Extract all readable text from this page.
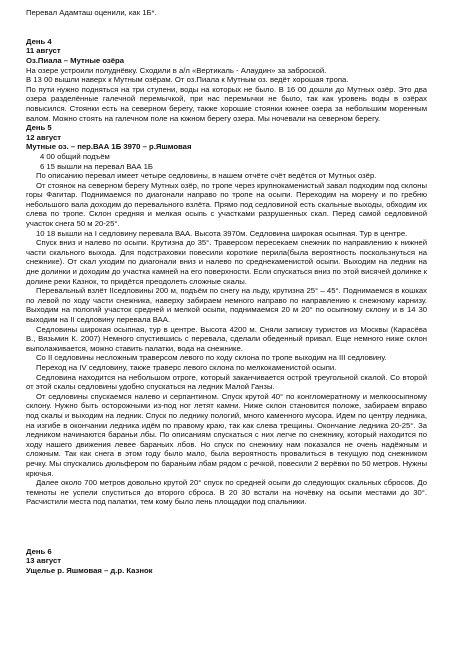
Перевал Адамташ оценили, как 1Б*.

День 4

11 август

Оз.Пиала – Мутные озёра

На озере устроили полуднёвку. Сходили в а/л «Вертикаль - Алаудин» за заброской.

В 13 00 вышли наверх к Мутным озёрам. От оз.Пиала к Мутным оз. ведёт хорошая тропа.

По пути нужно подняться на три ступени, воды на которых не было. В 16 00 дошли до Мутных озёр. Это два озера разделённые галечной перемычкой, при нас перемычки не было, так как уровень воды в озёрах повысился. Стоянки есть на северном берегу, также хорошие стоянки южнее озера за небольшим моренным валом. Можно стоять на галечном поле на южном берегу озера. Мы ночевали на северном берегу.

День 5

12 август

Мутные оз. – пер.ВАА 1Б 3970 – р.Яшмовая

4 00 общий подъём

6 15 вышли на перевал ВАА 1Б

По описанию перевал имеет четыре седловины, в нашем отчёте счёт ведётся от Мутных озёр.

От стоянок на северном берегу Мутных озёр, по тропе через крупнокаменистый завал подходим под склоны горы Фагитар. Поднимаемся по диагонали направо по тропе на осыпи. Переходим на морену и по гребню небольшого вала доходим до перевального взлёта. Прямо под седловиной есть скальные выходы, обходим их слева по тропе. Склон средняя и мелкая осыпь с участками разрушенных скал. Перед самой седловиной участок снега 50 м 20-25°.

10 18 вышли на I седловину перевала ВАА. Высота 3970м. Седловина широкая осыпная. Тур в центре.

Спуск вниз и налево по осыпи. Крутизна до 35°. Траверсом пересекаем снежник по направлению к нижней части скального выхода. Для подстраховки повесили короткие перила(была вероятность поскользнуться на снежнике). От скал уходим по диагонали вниз и налево по среднекаменистой осыпи. Выходим на ледник на дне долинки и доходим до участка камней на его поверхности. Если спускаться вниз по этой висячей долинке к долине реки Казнок, то придётся преодолеть сложные скалы.

Перевальный взлёт IIседловины 200 м, подъём по снегу на льду, крутизна 25° – 45°. Поднимаемся в кошках по левой по ходу части снежника, наверху забираем немного направо по направлению к снежному карнизу. Выходим на пологий участок средней и мелкой осыпи, поднимаемся 20 м 20° по осыпному склону и в 14 30 выходим на II седловину перевала ВАА.

Седловины широкая осыпная, тур в центре. Высота 4200 м. Сняли записку туристов из Москвы (Карасёва В., Вязьмин К. 2007) Немного спустившись с перевала, сделали обеденный привал. Еще немного ниже склон выполаживается, можно ставить палатки, вода на снежнике.

Со II седловины несложным траверсом левого по ходу склона по тропе выходим на III седловину.

Переход на IV седловину, также траверс левого склона по мелкокаменистой осыпи.

Седловина находится на небольшом отроге, который заканчивается острой треугольной скалой. Со второй от этой скалы седловины удобно спускаться на ледник Малой Ганзы.

От седловины спускаемся налево и серпантином. Спуск крутой 40° по конгломератному и мелкоосыпному склону. Нужно быть осторожными из-под ног летят камни. Ниже склон становится положе, забираем вправо под скалы и выходим на ледник. Спуск по леднику пологий, много каменного мусора. Идем по центру ледника, на изгибе в окончании ледника идём по правому краю, так как слева трещины. Окончание ледника 20-25°. За ледником начинаются бараньи лбы. По описаниям спускаться с них легче по снежнику, который находится по ходу нашего движения левее бараньих лбов. Но спуск по снежнику нам показался не очень надёжным и сложным. Так как снега в этом году было мало, была вероятность провалиться в текущую под снежником речку. Мы спускались дюльфером по бараньим лбам рядом с речкой, повесили 2 верёвки по 50 метров. Нужны крючья.

Далее около 700 метров довольно крутой 20° спуск по средней осыпи до следующих скальных сбросов. До темноты не успели спуститься до второго сброса. В 20 30 встали на ночёвку на осыпи местами до 30°. Расчистили места под палатки, тем кому было лень площадки под спальники.

День 6

13 август

Ущелье р. Яшмовая – д.р. Казнок
